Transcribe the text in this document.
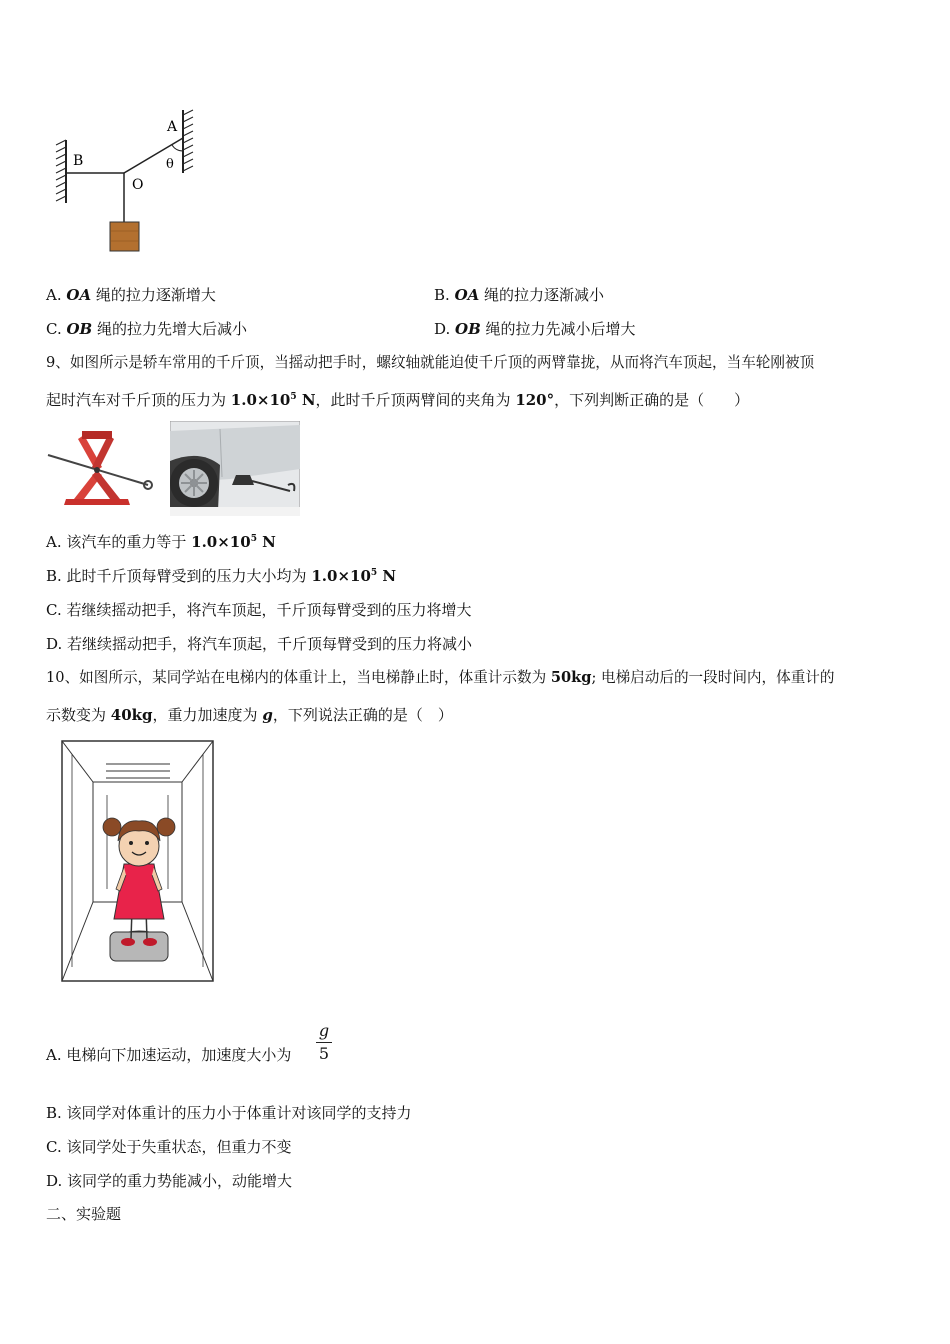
A
B
O
θ
A. OA 绳的拉力逐渐增大	B. OA 绳的拉力逐渐减小
C. OB 绳的拉力先增大后减小	D. OB 绳的拉力先减小后增大
9、如图所示是轿车常用的千斤顶，当摇动把手时，螺纹轴就能迫使千斤顶的两臂靠拢，从而将汽车顶起，当车轮刚被顶
起时汽车对千斤顶的压力为 $1.0\times 10^5$ N，此时千斤顶两臂间的夹角为 120°，下列判断正确的是（　　）
A. 该汽车的重力等于 $1.0\times 10^5$ N
B. 此时千斤顶每臂受到的压力大小均为 $1.0\times 10^5$ N
C. 若继续摇动把手，将汽车顶起，千斤顶每臂受到的压力将增大
D. 若继续摇动把手，将汽车顶起，千斤顶每臂受到的压力将减小
10、如图所示，某同学站在电梯内的体重计上，当电梯静止时，体重计示数为 50kg; 电梯启动后的一段时间内，体重计的
示数变为 40kg，重力加速度为 g，下列说法正确的是（　）
A. 电梯向下加速运动，加速度大小为
g
5
B. 该同学对体重计的压力小于体重计对该同学的支持力
C. 该同学处于失重状态，但重力不变
D. 该同学的重力势能减小，动能增大
二、实验题
